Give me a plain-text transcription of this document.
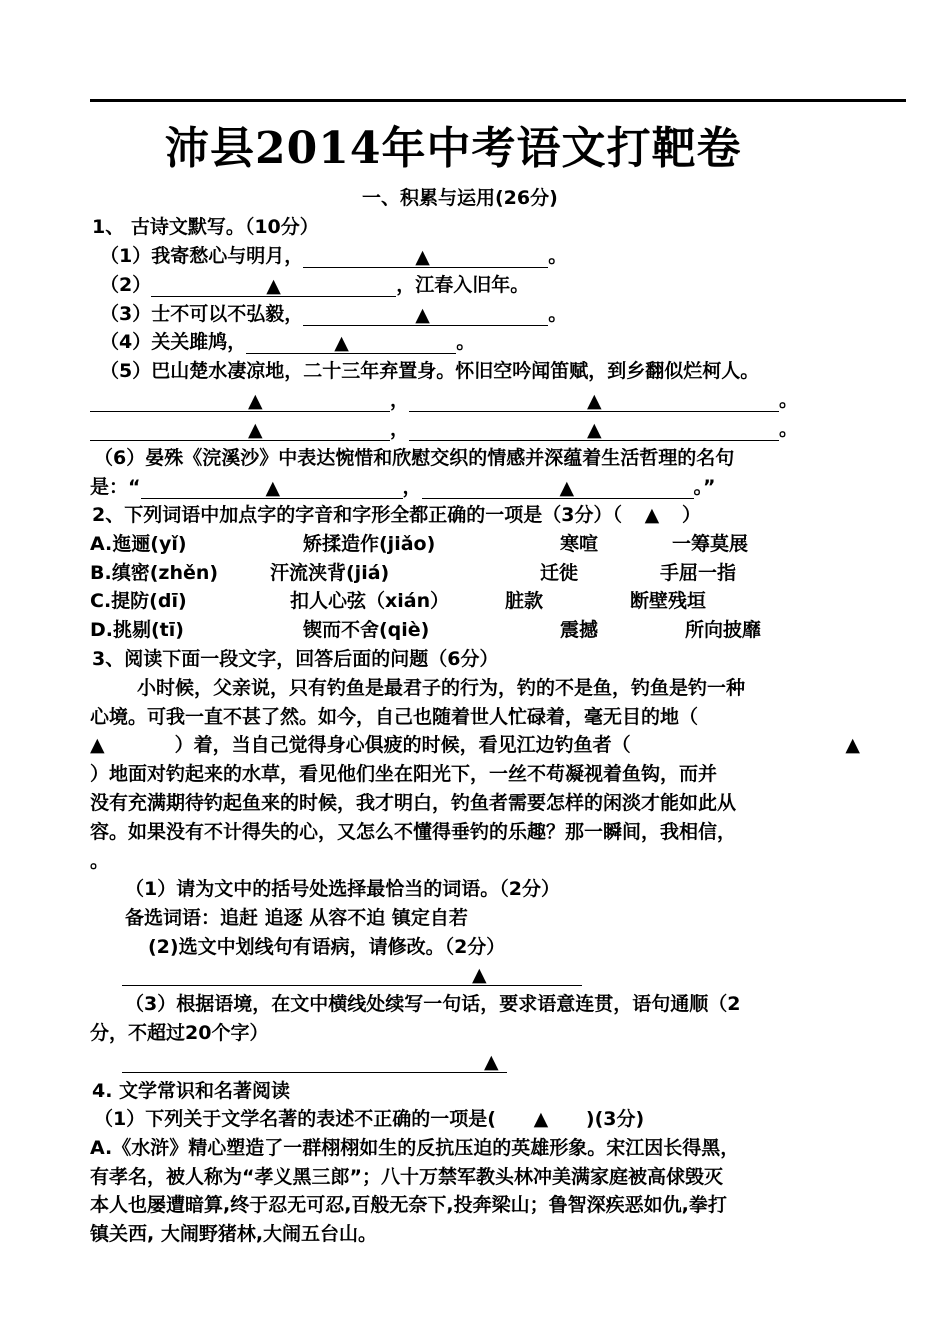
沛县2014年中考语文打靶卷
一、积累与运用(26分)
1、 古诗文默写。（10分）
（1）我寄愁心与明月，	▲	。
（2）	▲	，江春入旧年。
（3）士不可以不弘毅，	▲	。
（4）关关雎鸠，	▲	。
（5）巴山楚水凄凉地，二十三年弃置身。怀旧空吟闻笛赋，到乡翻似烂柯人。
▲	，	▲	。
▲	，	▲	。
（6）晏殊《浣溪沙》中表达惋惜和欣慰交织的情感并深蕴着生活哲理的名句
是：“	▲	，	▲	。”
2、下列词语中加点字的字音和字形全都正确的一项是（3分）（ ▲ ）
A.迤逦(yǐ)	矫揉造作(jiǎo)	寒喧	一筹莫展
B.缜密(zhěn)	汗流浃背(jiá)	迁徙	手屈一指
C.提防(dī)	扣人心弦（xián）	脏款	断壁残垣
D.挑剔(tī)	锲而不舍(qiè)	震撼	所向披靡
3、阅读下面一段文字，回答后面的问题（6分）
小时候，父亲说，只有钓鱼是最君子的行为，钓的不是鱼，钓鱼是钓一种
心境。可我一直不甚了然。如今，自己也随着世人忙碌着，毫无目的地（
▲	）着，当自己觉得身心俱疲的时候，看见江边钓鱼者（	▲
）地面对钓起来的水草，看见他们坐在阳光下，一丝不苟凝视着鱼钩，而并
没有充满期待钓起鱼来的时候，我才明白，钓鱼者需要怎样的闲淡才能如此从
容。如果没有不计得失的心，又怎么不懂得垂钓的乐趣？那一瞬间，我相信，
。
（1）请为文中的括号处选择最恰当的词语。（2分）
备选词语：追赶 追逐 从容不迫 镇定自若
(2)选文中划线句有语病，请修改。（2分）
▲
（3）根据语境，在文中横线处续写一句话，要求语意连贯，语句通顺（2
分，不超过20个字）
▲
4. 文学常识和名著阅读
（1）下列关于文学名著的表述不正确的一项是( ▲ )(3分)
A.《水浒》精心塑造了一群栩栩如生的反抗压迫的英雄形象。宋江因长得黑，
有孝名，被人称为“孝义黑三郎”；八十万禁军教头林冲美满家庭被高俅毁灭
本人也屡遭暗算,终于忍无可忍,百般无奈下,投奔梁山；鲁智深疾恶如仇,拳打
镇关西, 大闹野猪林,大闹五台山。
